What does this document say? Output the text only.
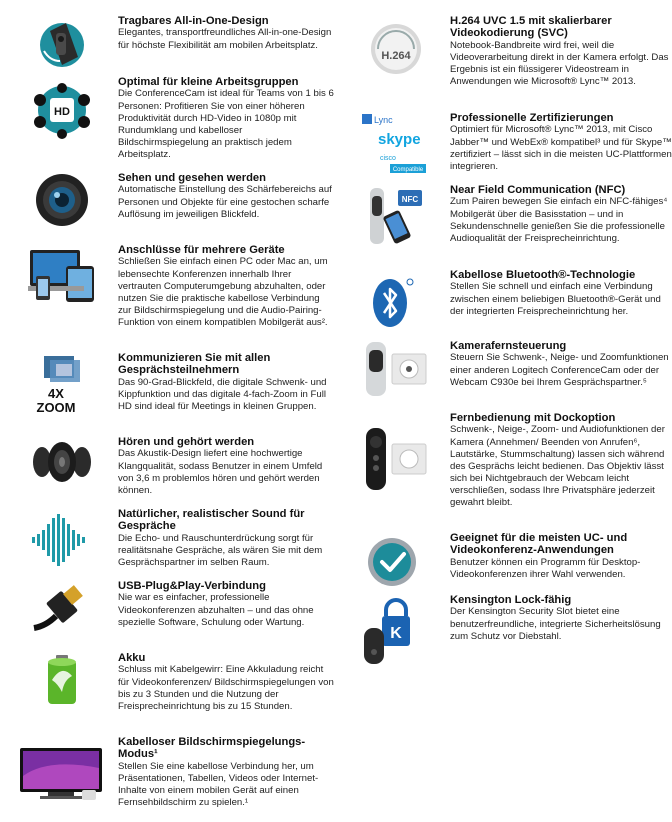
Tragbares All-in-One-Design
Elegantes, transportfreundliches All-in-one-Design für höchste Flexibilität am mobilen Arbeitsplatz.
HD
Optimal für kleine Arbeitsgruppen
Die ConferenceCam ist ideal für Teams von 1 bis 6 Personen: Profitieren Sie von einer höheren Produktivität durch HD-Video in 1080p mit Rundumklang und kabelloser Bildschirmspiegelung an praktisch jedem Arbeitsplatz.
Sehen und gesehen werden
Automatische Einstellung des Schärfebereichs auf Personen und Objekte für eine gestochen scharfe Auflösung im jeweiligen Blickfeld.
Anschlüsse für mehrere Geräte
Schließen Sie einfach einen PC oder Mac an, um lebensechte Konferenzen innerhalb Ihrer vertrauten Computerumgebung abzuhalten, oder nutzen Sie die praktische kabellose Verbindung zur Bildschirmspiegelung und die Audio-Pairing-Funktion von einem kompatiblen Mobilgerät aus².
4X
ZOOM
Kommunizieren Sie mit allen Gesprächsteilnehmern
Das 90-Grad-Blickfeld, die digitale Schwenk- und Kippfunktion und das digitale 4-fach-Zoom in Full HD sind ideal für Meetings in kleinen Gruppen.
Hören und gehört werden
Das Akustik-Design liefert eine hochwertige Klangqualität, sodass Benutzer in einem Umfeld von 3,6 m problemlos hören und gehört werden können.
Natürlicher, realistischer Sound für Gespräche
Die Echo- und Rauschunterdrückung sorgt für realitätsnahe Gespräche, als wären Sie mit dem Gesprächspartner im selben Raum.
USB-Plug&Play-Verbindung
Nie war es einfacher, professionelle Videokonferenzen abzuhalten – und das ohne spezielle Software, Schulung oder Wartung.
Akku
Schluss mit Kabelgewirr: Eine Akkuladung reicht für Videokonferenzen/ Bildschirmspiegelungen von bis zu 3 Stunden und die Nutzung der Freisprecheinrichtung bis zu 15 Stunden.
Kabelloser Bildschirmspiegelungs-Modus¹
Stellen Sie eine kabellose Verbindung her, um Präsentationen, Tabellen, Videos oder Internet-Inhalte von einem mobilen Gerät auf einen Fernsehbildschirm zu spielen.¹
H.264
H.264 UVC 1.5 mit skalierbarer Videokodierung (SVC)
Notebook-Bandbreite wird frei, weil die Videoverarbeitung direkt in der Kamera erfolgt. Das Ergebnis ist ein flüssigerer Videostream in Anwendungen wie Microsoft® Lync™ 2013.
Lync
skype
cisco
Compatible
Professionelle Zertifizierungen
Optimiert für Microsoft® Lync™ 2013, mit Cisco Jabber™ und WebEx® kompatibel³ und für Skype™ zertifiziert – lässt sich in die meisten UC-Plattformen integrieren.
NFC
Near Field Communication (NFC)
Zum Pairen bewegen Sie einfach ein NFC-fähiges⁴ Mobilgerät über die Basisstation – und in Sekundenschnelle genießen Sie die professionelle Audioqualität der Freisprecheinrichtung.
Kabellose Bluetooth®-Technologie
Stellen Sie schnell und einfach eine Verbindung zwischen einem beliebigen Bluetooth®-Gerät und der integrierten Freisprecheinrichtung her.
Kamerafernsteuerung
Steuern Sie Schwenk-, Neige- und Zoomfunktionen einer anderen Logitech ConferenceCam oder der Webcam C930e bei Ihrem Gesprächspartner.⁵
Fernbedienung mit Dockoption
Schwenk-, Neige-, Zoom- und Audiofunktionen der Kamera (Annehmen/ Beenden von Anrufen⁶, Lautstärke, Stummschaltung) lassen sich während des Gesprächs leicht bedienen. Das Objektiv lässt sich bei Nichtgebrauch der Webcam leicht verschließen, sodass Ihre Privatsphäre jederzeit gewahrt bleibt.
Geeignet für die meisten UC- und Videokonferenz-Anwendungen
Benutzer können ein Programm für Desktop-Videokonferenzen ihrer Wahl verwenden.
K
Kensington Lock-fähig
Der Kensington Security Slot bietet eine benutzerfreundliche, integrierte Sicherheitslösung zum Schutz vor Diebstahl.
